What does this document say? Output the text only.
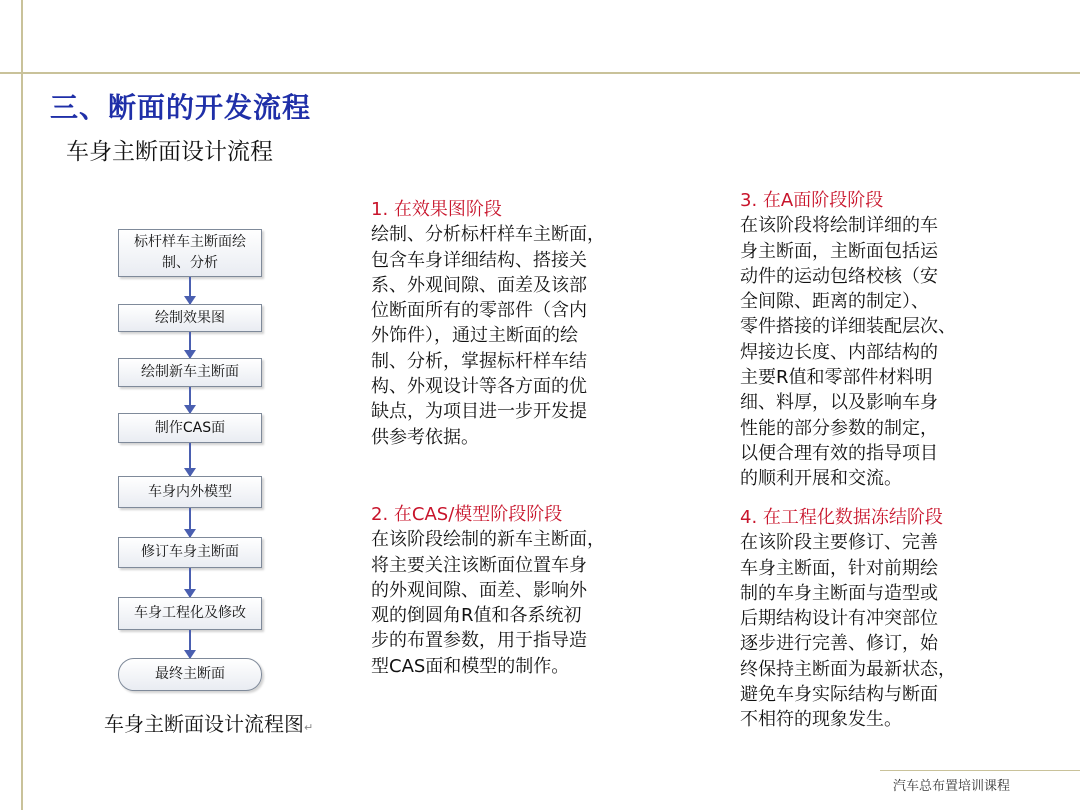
三、断面的开发流程
车身主断面设计流程
标杆样车主断面绘制、分析
绘制效果图
绘制新车主断面
制作CAS面
车身内外模型
修订车身主断面
车身工程化及修改
最终主断面
车身主断面设计流程图↵
1. 在效果图阶段
绘制、分析标杆样车主断面，
包含车身详细结构、搭接关
系、外观间隙、面差及该部
位断面所有的零部件（含内
外饰件），通过主断面的绘
制、分析，掌握标杆样车结
构、外观设计等各方面的优
缺点，为项目进一步开发提
供参考依据。
2. 在CAS/模型阶段阶段
在该阶段绘制的新车主断面，
将主要关注该断面位置车身
的外观间隙、面差、影响外
观的倒圆角R值和各系统初
步的布置参数，用于指导造
型CAS面和模型的制作。
3. 在A面阶段阶段
在该阶段将绘制详细的车
身主断面，主断面包括运
动件的运动包络校核（安
全间隙、距离的制定）、
零件搭接的详细装配层次、
焊接边长度、内部结构的
主要R值和零部件材料明
细、料厚，以及影响车身
性能的部分参数的制定，
以便合理有效的指导项目
的顺利开展和交流。
4. 在工程化数据冻结阶段
在该阶段主要修订、完善
车身主断面，针对前期绘
制的车身主断面与造型或
后期结构设计有冲突部位
逐步进行完善、修订，始
终保持主断面为最新状态，
避免车身实际结构与断面
不相符的现象发生。
汽车总布置培训课程
